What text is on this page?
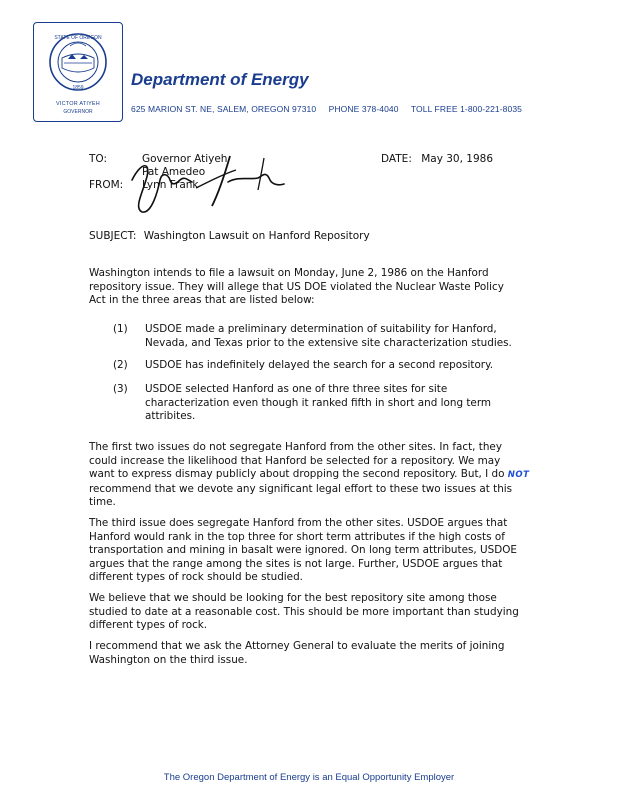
STATE OF OREGON
1859
VICTOR ATIYEH
GOVERNOR
Department of Energy
625 MARION ST. NE, SALEM, OREGON 97310 PHONE 378-4040 TOLL FREE 1-800-221-8035
TO:	Governor Atiyeh
Pat Amedeo
FROM: Lynn Frank
DATE: May 30, 1986
SUBJECT: Washington Lawsuit on Hanford Repository
Washington intends to file a lawsuit on Monday, June 2, 1986 on the Hanford
repository issue. They will allege that US DOE violated the Nuclear Waste Policy
Act in the three areas that are listed below:
(1) USDOE made a preliminary determination of suitability for Hanford,
Nevada, and Texas prior to the extensive site characterization studies.
(2) USDOE has indefinitely delayed the search for a second repository.
(3) USDOE selected Hanford as one of thre three sites for site
characterization even though it ranked fifth in short and long term
attribites.
The first two issues do not segregate Hanford from the other sites. In fact, they
could increase the likelihood that Hanford be selected for a repository. We may
want to express dismay publicly about dropping the second repository. But, I do NOT
recommend that we devote any significant legal effort to these two issues at this
time.
The third issue does segregate Hanford from the other sites. USDOE argues that
Hanford would rank in the top three for short term attributes if the high costs of
transportation and mining in basalt were ignored. On long term attributes, USDOE
argues that the range among the sites is not large. Further, USDOE argues that
different types of rock should be studied.
We believe that we should be looking for the best repository site among those
studied to date at a reasonable cost. This should be more important than studying
different types of rock.
I recommend that we ask the Attorney General to evaluate the merits of joining
Washington on the third issue.
The Oregon Department of Energy is an Equal Opportunity Employer
